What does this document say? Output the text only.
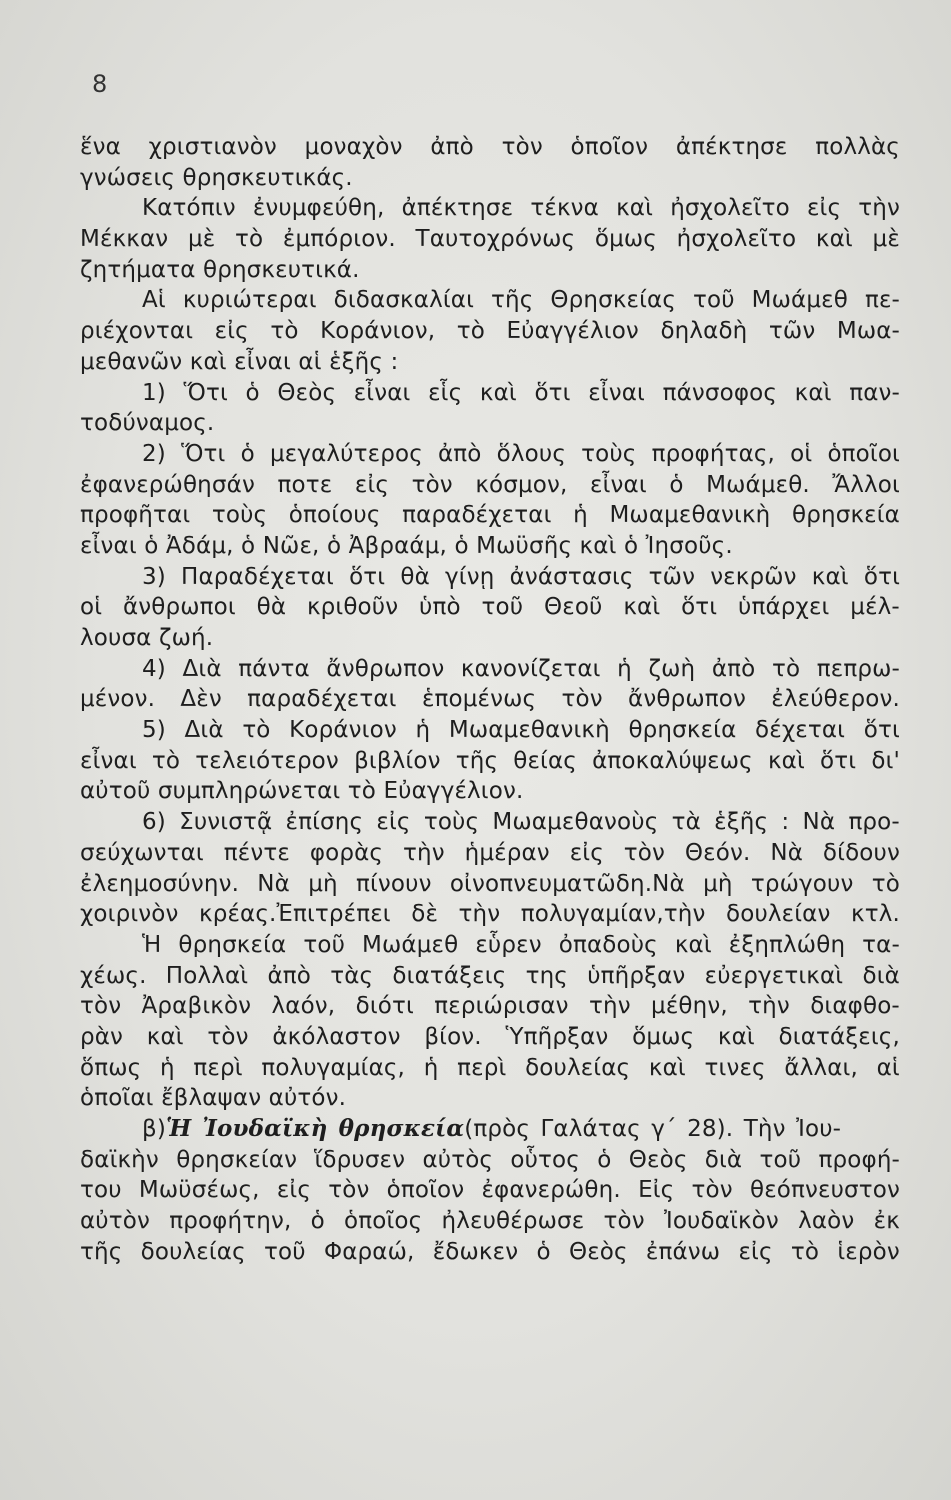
8
ἕνα χριστιανὸν μοναχὸν ἀπὸ τὸν ὁποῖον ἀπέκτησε πολλὰς
γνώσεις θρησκευτικάς.
Κατόπιν ἐνυμφεύθη, ἀπέκτησε τέκνα καὶ ἠσχολεῖτο εἰς τὴν
Μέκκαν μὲ τὸ ἐμπόριον. Ταυτοχρόνως ὅμως ἠσχολεῖτο καὶ μὲ
ζητήματα θρησκευτικά.
Αἱ κυριώτεραι διδασκαλίαι τῆς Θρησκείας τοῦ Μωάμεθ πε-
ριέχονται εἰς τὸ Κοράνιον, τὸ Εὐαγγέλιον δηλαδὴ τῶν Μωα-
μεθανῶν καὶ εἶναι αἱ ἑξῆς :
1) Ὅτι ὁ Θεὸς εἶναι εἷς καὶ ὅτι εἶναι πάνσοφος καὶ παν-
τοδύναμος.
2) Ὅτι ὁ μεγαλύτερος ἀπὸ ὅλους τοὺς προφήτας, οἱ ὁποῖοι
ἐφανερώθησάν ποτε εἰς τὸν κόσμον, εἶναι ὁ Μωάμεθ. Ἄλλοι
προφῆται τοὺς ὁποίους παραδέχεται ἡ Μωαμεθανικὴ θρησκεία
εἶναι ὁ Ἀδάμ, ὁ Νῶε, ὁ Ἀβραάμ, ὁ Μωϋσῆς καὶ ὁ Ἰησοῦς.
3) Παραδέχεται ὅτι θὰ γίνῃ ἀνάστασις τῶν νεκρῶν καὶ ὅτι
οἱ ἄνθρωποι θὰ κριθοῦν ὑπὸ τοῦ Θεοῦ καὶ ὅτι ὑπάρχει μέλ-
λουσα ζωή.
4) Διὰ πάντα ἄνθρωπον κανονίζεται ἡ ζωὴ ἀπὸ τὸ πεπρω-
μένον. Δὲν παραδέχεται ἑπομένως τὸν ἄνθρωπον ἐλεύθερον.
5) Διὰ τὸ Κοράνιον ἡ Μωαμεθανικὴ θρησκεία δέχεται ὅτι
εἶναι τὸ τελειότερον βιβλίον τῆς θείας ἀποκαλύψεως καὶ ὅτι δι'
αὐτοῦ συμπληρώνεται τὸ Εὐαγγέλιον.
6) Συνιστᾷ ἐπίσης εἰς τοὺς Μωαμεθανοὺς τὰ ἑξῆς : Νὰ προ-
σεύχωνται πέντε φορὰς τὴν ἡμέραν εἰς τὸν Θεόν. Νὰ δίδουν
ἐλεημοσύνην. Νὰ μὴ πίνουν οἰνοπνευματῶδη.Νὰ μὴ τρώγουν τὸ
χοιρινὸν κρέας.Ἐπιτρέπει δὲ τὴν πολυγαμίαν,τὴν δουλείαν κτλ.
Ἡ θρησκεία τοῦ Μωάμεθ εὗρεν ὀπαδοὺς καὶ ἐξηπλώθη τα-
χέως. Πολλαὶ ἀπὸ τὰς διατάξεις της ὑπῆρξαν εὐεργετικαὶ διὰ
τὸν Ἀραβικὸν λαόν, διότι περιώρισαν τὴν μέθην, τὴν διαφθο-
ρὰν καὶ τὸν ἀκόλαστον βίον. Ὑπῆρξαν ὅμως καὶ διατάξεις,
ὅπως ἡ περὶ πολυγαμίας, ἡ περὶ δουλείας καὶ τινες ἄλλαι, αἱ
ὁποῖαι ἔβλαψαν αὐτόν.
β) Ἡ Ἰουδαϊκὴ θρησκεία (πρὸς Γαλάτας γ΄ 28). Τὴν Ἰου-
δαϊκὴν θρησκείαν ἵδρυσεν αὐτὸς οὗτος ὁ Θεὸς διὰ τοῦ προφή-
του Μωϋσέως, εἰς τὸν ὁποῖον ἐφανερώθη. Εἰς τὸν θεόπνευστον
αὐτὸν προφήτην, ὁ ὁποῖος ἠλευθέρωσε τὸν Ἰουδαϊκὸν λαὸν ἐκ
τῆς δουλείας τοῦ Φαραώ, ἔδωκεν ὁ Θεὸς ἐπάνω εἰς τὸ ἱερὸν
